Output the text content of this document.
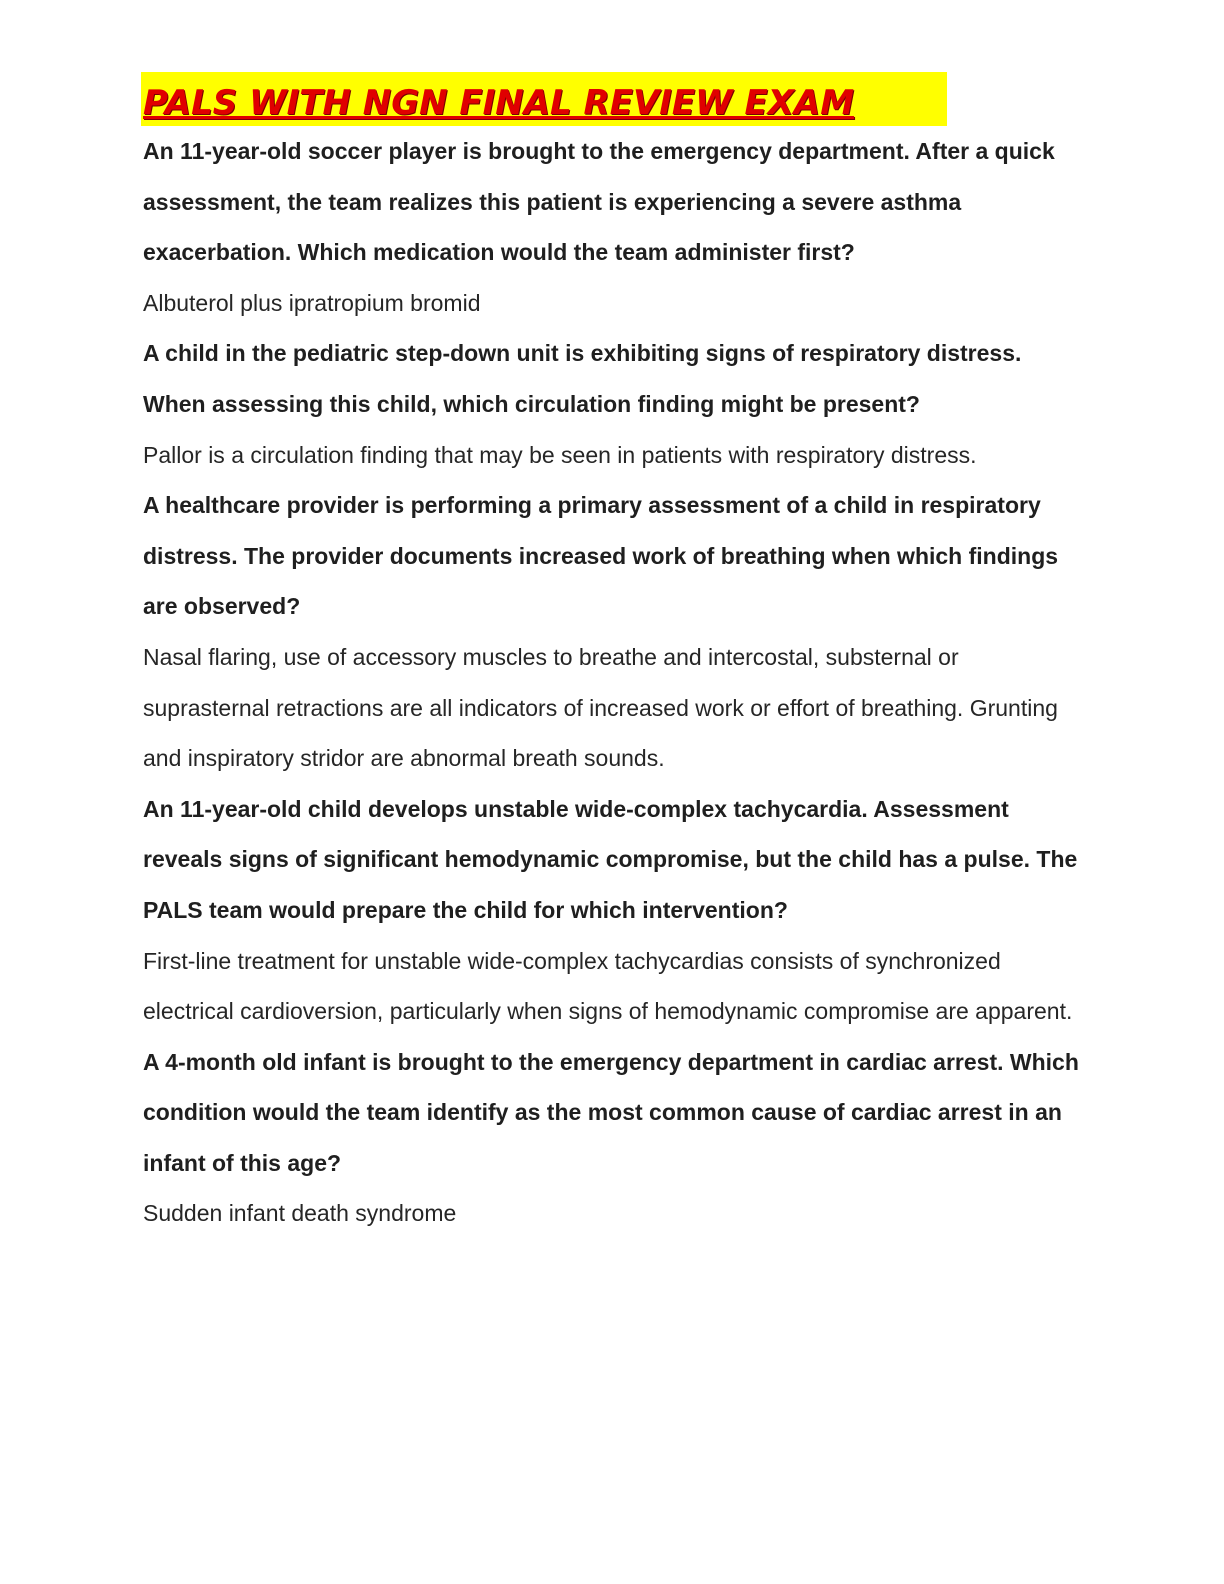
PALS WITH NGN FINAL REVIEW EXAM

An 11-year-old soccer player is brought to the emergency department. After a quick assessment, the team realizes this patient is experiencing a severe asthma exacerbation. Which medication would the team administer first?

Albuterol plus ipratropium bromid

A child in the pediatric step-down unit is exhibiting signs of respiratory distress. When assessing this child, which circulation finding might be present?

Pallor is a circulation finding that may be seen in patients with respiratory distress.

A healthcare provider is performing a primary assessment of a child in respiratory distress. The provider documents increased work of breathing when which findings are observed?

Nasal flaring, use of accessory muscles to breathe and intercostal, substernal or suprasternal retractions are all indicators of increased work or effort of breathing. Grunting and inspiratory stridor are abnormal breath sounds.

An 11-year-old child develops unstable wide-complex tachycardia. Assessment reveals signs of significant hemodynamic compromise, but the child has a pulse. The PALS team would prepare the child for which intervention?

First-line treatment for unstable wide-complex tachycardias consists of synchronized electrical cardioversion, particularly when signs of hemodynamic compromise are apparent.

A 4-month old infant is brought to the emergency department in cardiac arrest. Which condition would the team identify as the most common cause of cardiac arrest in an infant of this age?

Sudden infant death syndrome
